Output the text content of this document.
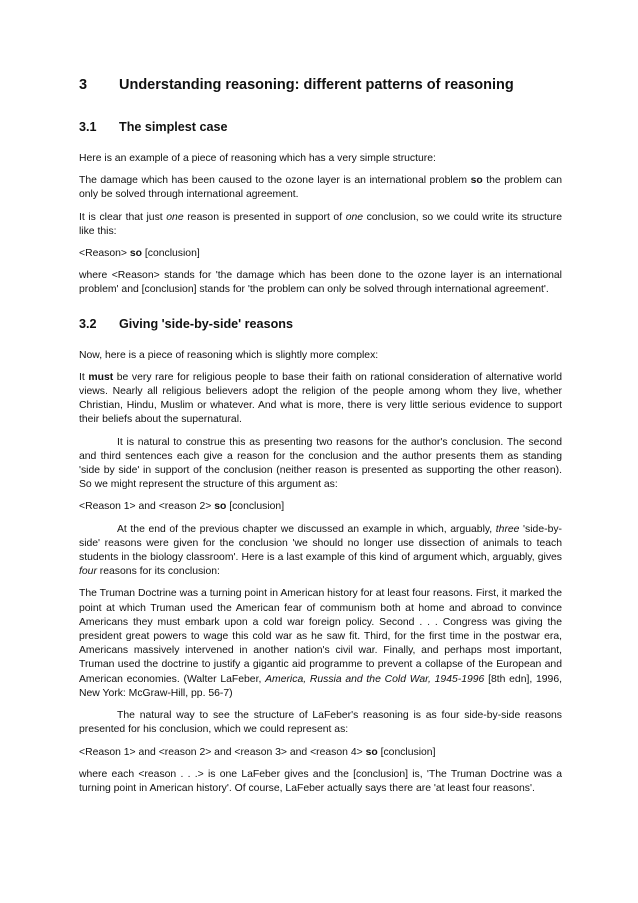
3	Understanding reasoning: different patterns of reasoning
3.1	The simplest case

Here is an example of a piece of reasoning which has a very simple structure:

The damage which has been caused to the ozone layer is an international problem so the problem can only be solved through international agreement.

It is clear that just one reason is presented in support of one conclusion, so we could write its structure like this:

<Reason> so [conclusion]

where <Reason> stands for 'the damage which has been done to the ozone layer is an international problem' and [conclusion] stands for 'the problem can only be solved through international agreement'.

3.2	Giving 'side-by-side' reasons

Now, here is a piece of reasoning which is slightly more complex:

It must be very rare for religious people to base their faith on rational consideration of alternative world views. Nearly all religious believers adopt the religion of the people among whom they live, whether Christian, Hindu, Muslim or whatever. And what is more, there is very little serious evidence to support their beliefs about the supernatural.

It is natural to construe this as presenting two reasons for the author's conclusion. The second and third sentences each give a reason for the conclusion and the author presents them as standing 'side by side' in support of the conclusion (neither reason is presented as supporting the other reason). So we might represent the structure of this argument as:

<Reason 1> and <reason 2> so [conclusion]

At the end of the previous chapter we discussed an example in which, arguably, three 'side-by-side' reasons were given for the conclusion 'we should no longer use dissection of animals to teach students in the biology classroom'. Here is a last example of this kind of argument which, arguably, gives four reasons for its conclusion:

The Truman Doctrine was a turning point in American history for at least four reasons. First, it marked the point at which Truman used the American fear of communism both at home and abroad to convince Americans they must embark upon a cold war foreign policy. Second . . . Congress was giving the president great powers to wage this cold war as he saw fit. Third, for the first time in the postwar era, Americans massively intervened in another nation's civil war. Finally, and perhaps most important, Truman used the doctrine to justify a gigantic aid programme to prevent a collapse of the European and American economies. (Walter LaFeber, America, Russia and the Cold War, 1945-1996 [8th edn], 1996, New York: McGraw-Hill, pp. 56-7)

The natural way to see the structure of LaFeber's reasoning is as four side-by-side reasons presented for his conclusion, which we could represent as:

<Reason 1> and <reason 2> and <reason 3> and <reason 4> so [conclusion]

where each <reason . . .> is one LaFeber gives and the [conclusion] is, 'The Truman Doctrine was a turning point in American history'. Of course, LaFeber actually says there are 'at least four reasons'.
